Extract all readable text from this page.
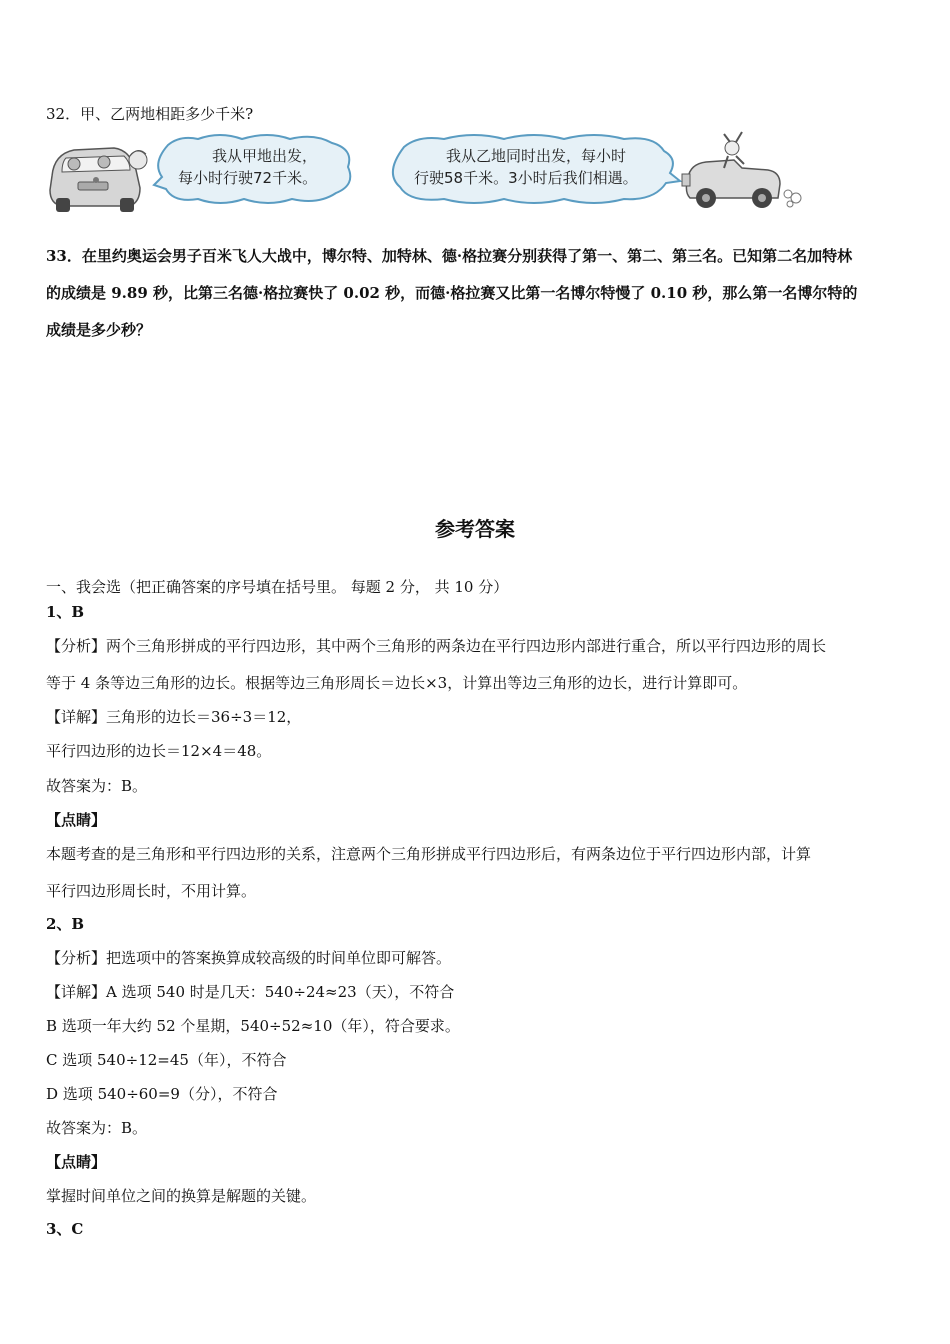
32．甲、乙两地相距多少千米?
我从甲地出发，
每小时行驶72千米。
我从乙地同时出发，每小时
行驶58千米。3小时后我们相遇。
33．在里约奥运会男子百米飞人大战中，博尔特、加特林、德·格拉赛分别获得了第一、第二、第三名。已知第二名加特林
的成绩是 9.89 秒，比第三名德·格拉赛快了 0.02 秒，而德·格拉赛又比第一名博尔特慢了 0.10 秒，那么第一名博尔特的
成绩是多少秒？
参考答案
一、我会选（把正确答案的序号填在括号里。 每题 2 分， 共 10 分）
1、B
【分析】两个三角形拼成的平行四边形，其中两个三角形的两条边在平行四边形内部进行重合，所以平行四边形的周长
等于 4 条等边三角形的边长。根据等边三角形周长＝边长×3，计算出等边三角形的边长，进行计算即可。
【详解】三角形的边长＝36÷3＝12，
平行四边形的边长＝12×4＝48。
故答案为：B。
【点睛】
本题考查的是三角形和平行四边形的关系，注意两个三角形拼成平行四边形后，有两条边位于平行四边形内部，计算
平行四边形周长时，不用计算。
2、B
【分析】把选项中的答案换算成较高级的时间单位即可解答。
【详解】A 选项 540 时是几天：540÷24≈23（天），不符合
B 选项一年大约 52 个星期，540÷52≈10（年），符合要求。
C 选项 540÷12=45（年），不符合
D 选项 540÷60=9（分），不符合
故答案为：B。
【点睛】
掌握时间单位之间的换算是解题的关键。
3、C
